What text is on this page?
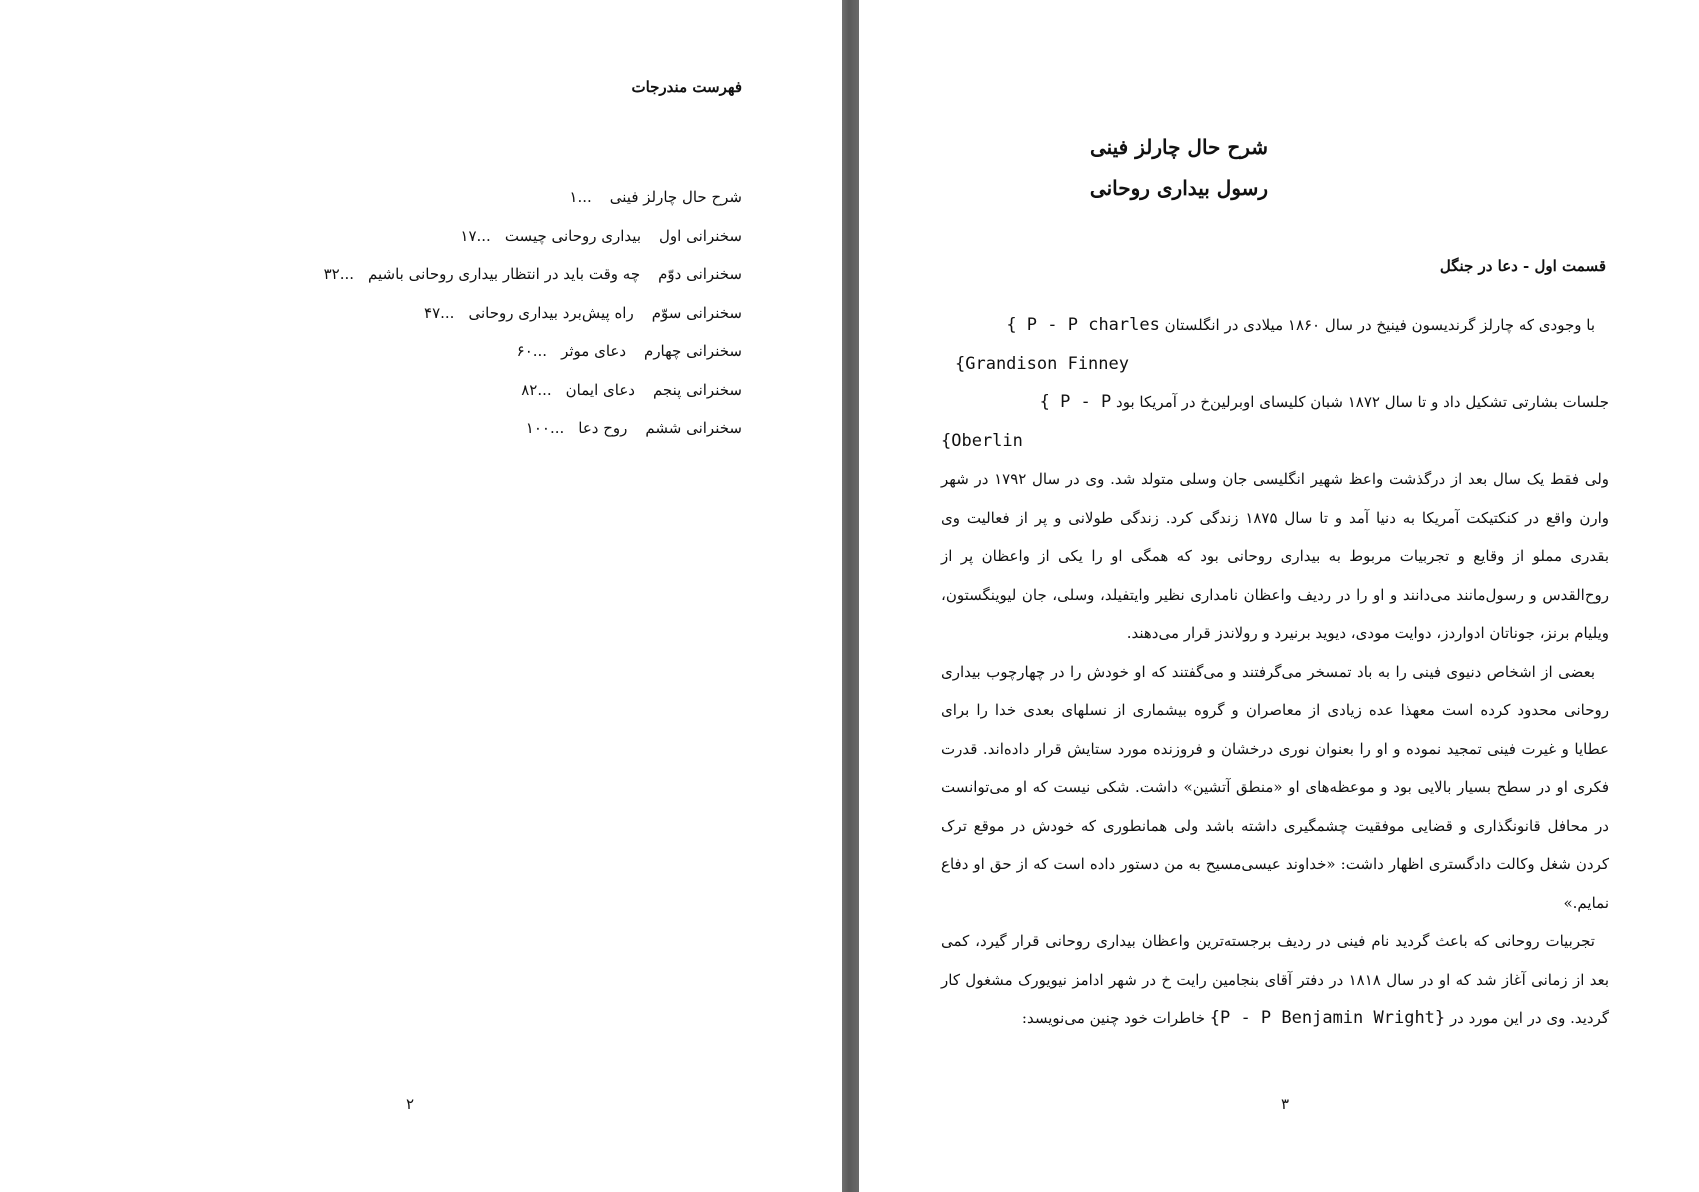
فهرست مندرجات
شرح حال چارلز فینی...۱
سخنرانی اولبیداری روحانی چیست...۱۷
سخنرانی دوّمچه وقت باید در انتظار بیداری روحانی باشیم...۳۲
سخنرانی سوّمراه پیش‌برد بیداری روحانی...۴۷
سخنرانی چهارمدعای موثر...۶۰
سخنرانی پنجمدعای ایمان...۸۲
سخنرانی ششمروح دعا...۱۰۰
۲
شرح حال چارلز فینی
رسول بیداری روحانی
قسمت اول - دعا در جنگل

با وجودی که چارلز گرندیسون فینیخ در سال ۱۸۶۰ میلادی در انگلستان { P - P charles
{Grandison Finney

جلسات بشارتی تشکیل داد و تا سال ۱۸۷۲ شبان کلیسای اوبرلین‌خ در آمریکا بود { P - P
{Oberlin

ولی فقط یک سال بعد از درگذشت واعظ شهیر انگلیسی جان وسلی متولد شد. وی در سال ۱۷۹۲ در شهر وارن واقع در کنکتیکت آمریکا به دنیا آمد و تا سال ۱۸۷۵ زندگی کرد. زندگی طولانی و پر از فعالیت وی بقدری مملو از وقایع و تجربیات مربوط به بیداری روحانی بود که همگی او را یکی از واعظان پر از روح‌القدس و رسول‌مانند می‌دانند و او را در ردیف واعظان نامداری نظیر وایتفیلد، وسلی، جان لیوینگستون، ویلیام برنز، جوناتان ادواردز، دوایت مودی، دیوید برنیرد و رولاندز قرار می‌دهند.

بعضی از اشخاص دنیوی فینی را به باد تمسخر می‌گرفتند و می‌گفتند که او خودش را در چهارچوب بیداری روحانی محدود کرده است معهذا عده زیادی از معاصران و گروه بیشماری از نسلهای بعدی خدا را برای عطایا و غیرت فینی تمجید نموده و او را بعنوان نوری درخشان و فروزنده مورد ستایش قرار داده‌اند. قدرت فکری او در سطح بسیار بالایی بود و موعظه‌های او «منطق آتشین» داشت. شکی نیست که او می‌توانست در محافل قانونگذاری و قضایی موفقیت چشمگیری داشته باشد ولی همانطوری که خودش در موقع ترک کردن شغل وکالت دادگستری اظهار داشت: «خداوند عیسی‌مسیح به من دستور داده است که از حق او دفاع نمایم.»

تجربیات روحانی که باعث گردید نام فینی در ردیف برجسته‌ترین واعظان بیداری روحانی قرار گیرد، کمی بعد از زمانی آغاز شد که او در سال ۱۸۱۸ در دفتر آقای بنجامین رایت خ در شهر ادامز نیویورک مشغول کار گردید. وی در این مورد در {P - P Benjamin Wright} خاطرات خود چنین می‌نویسد:

۳
